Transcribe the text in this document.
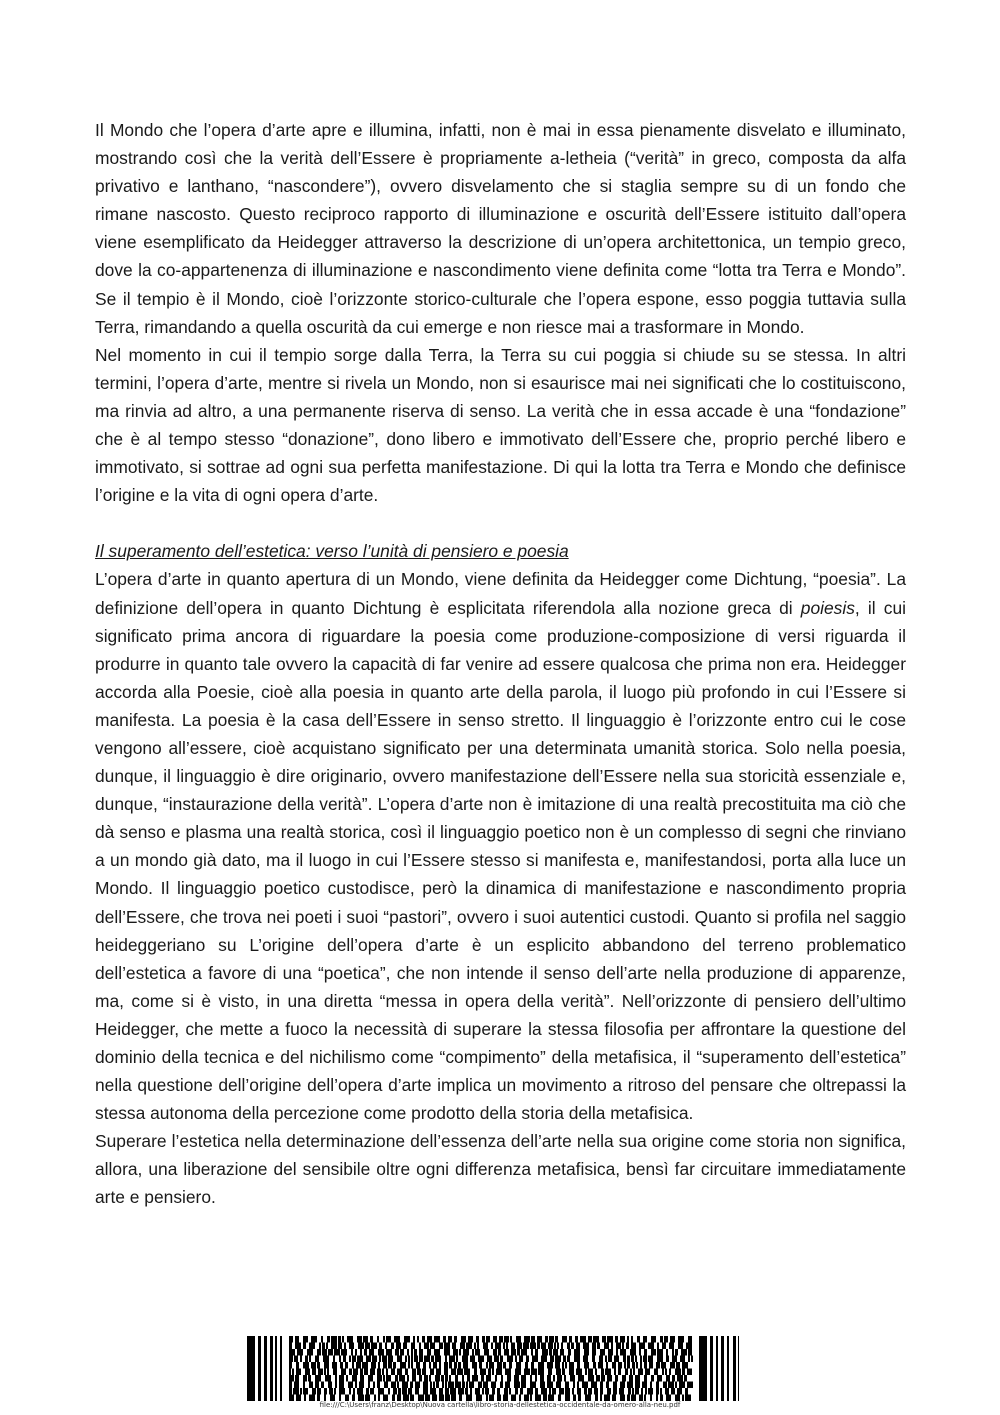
Il Mondo che l’opera d’arte apre e illumina, infatti, non è mai in essa pienamente disvelato e illuminato, mostrando così che la verità dell’Essere è propriamente a-letheia (“verità” in greco, composta da alfa privativo e lanthano, “nascondere”), ovvero disvelamento che si staglia sempre su di un fondo che rimane nascosto. Questo reciproco rapporto di illuminazione e oscurità dell’Essere istituito dall’opera viene esemplificato da Heidegger attraverso la descrizione di un’opera architettonica, un tempio greco, dove la co-appartenenza di illuminazione e nascondimento viene definita come “lotta tra Terra e Mondo”. Se il tempio è il Mondo, cioè l’orizzonte storico-culturale che l’opera espone, esso poggia tuttavia sulla Terra, rimandando a quella oscurità da cui emerge e non riesce mai a trasformare in Mondo.

Nel momento in cui il tempio sorge dalla Terra, la Terra su cui poggia si chiude su se stessa. In altri termini, l’opera d’arte, mentre si rivela un Mondo, non si esaurisce mai nei significati che lo costituiscono, ma rinvia ad altro, a una permanente riserva di senso. La verità che in essa accade è una “fondazione” che è al tempo stesso “donazione”, dono libero e immotivato dell’Essere che, proprio perché libero e immotivato, si sottrae ad ogni sua perfetta manifestazione. Di qui la lotta tra Terra e Mondo che definisce l’origine e la vita di ogni opera d’arte.

Il superamento dell’estetica: verso l’unità di pensiero e poesia

L’opera d’arte in quanto apertura di un Mondo, viene definita da Heidegger come Dichtung, “poesia”. La definizione dell’opera in quanto Dichtung è esplicitata riferendola alla nozione greca di poiesis, il cui significato prima ancora di riguardare la poesia come produzione-composizione di versi riguarda il produrre in quanto tale ovvero la capacità di far venire ad essere qualcosa che prima non era. Heidegger accorda alla Poesie, cioè alla poesia in quanto arte della parola, il luogo più profondo in cui l’Essere si manifesta. La poesia è la casa dell’Essere in senso stretto. Il linguaggio è l’orizzonte entro cui le cose vengono all’essere, cioè acquistano significato per una determinata umanità storica. Solo nella poesia, dunque, il linguaggio è dire originario, ovvero manifestazione dell’Essere nella sua storicità essenziale e, dunque, “instaurazione della verità”. L’opera d’arte non è imitazione di una realtà precostituita ma ciò che dà senso e plasma una realtà storica, così il linguaggio poetico non è un complesso di segni che rinviano a un mondo già dato, ma il luogo in cui l’Essere stesso si manifesta e, manifestandosi, porta alla luce un Mondo. Il linguaggio poetico custodisce, però la dinamica di manifestazione e nascondimento propria dell’Essere, che trova nei poeti i suoi “pastori”, ovvero i suoi autentici custodi. Quanto si profila nel saggio heideggeriano su L’origine dell’opera d’arte è un esplicito abbandono del terreno problematico dell’estetica a favore di una “poetica”, che non intende il senso dell’arte nella produzione di apparenze, ma, come si è visto, in una diretta “messa in opera della verità”. Nell’orizzonte di pensiero dell’ultimo Heidegger, che mette a fuoco la necessità di superare la stessa filosofia per affrontare la questione del dominio della tecnica e del nichilismo come “compimento” della metafisica, il “superamento dell’estetica” nella questione dell’origine dell’opera d’arte implica un movimento a ritroso del pensare che oltrepassi la stessa autonoma della percezione come prodotto della storia della metafisica.

Superare l’estetica nella determinazione dell’essenza dell’arte nella sua origine come storia non significa, allora, una liberazione del sensibile oltre ogni differenza metafisica, bensì far circuitare immediatamente arte e pensiero.

file:///C:\Users\franz\Desktop\Nuova cartella\libro-storia-dellestetica-occidentale-da-omero-alla-neu.pdf
